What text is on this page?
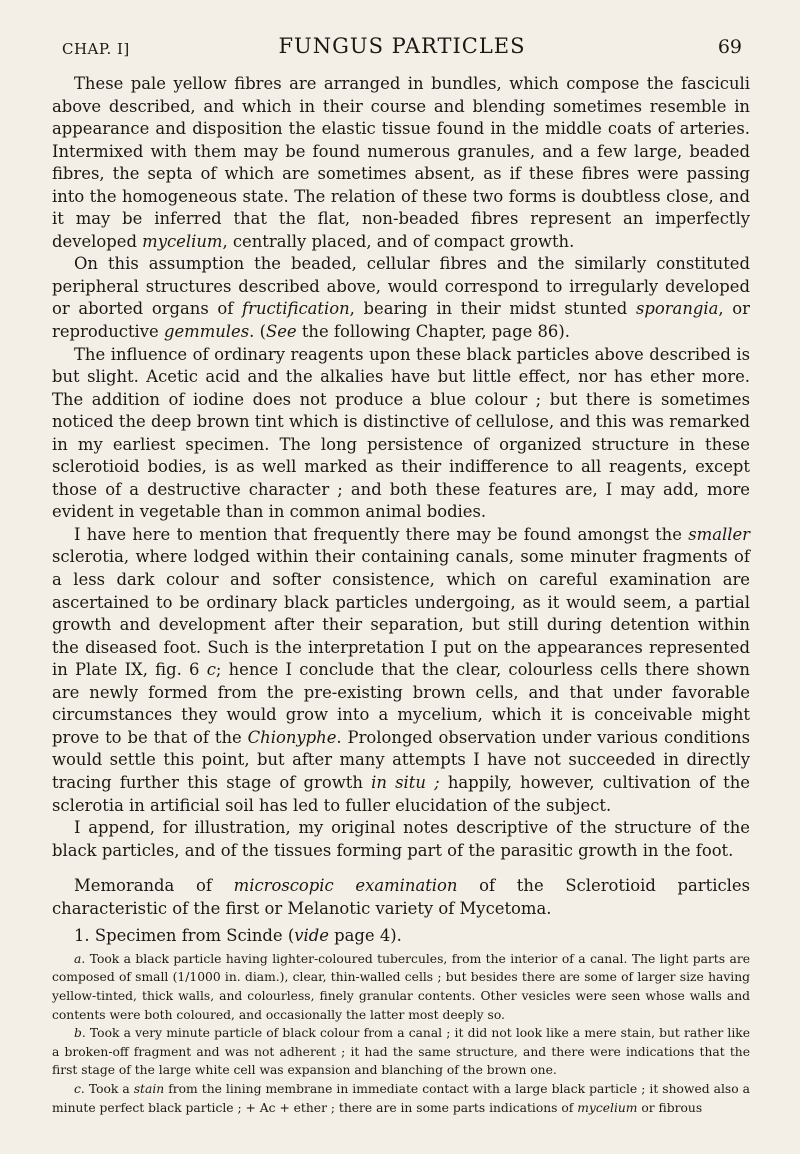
CHAP. I]	FUNGUS PARTICLES	69

These pale yellow fibres are arranged in bundles, which compose the fasciculi above described, and which in their course and blending sometimes resemble in appearance and disposition the elastic tissue found in the middle coats of arteries. Intermixed with them may be found numerous granules, and a few large, beaded fibres, the septa of which are sometimes absent, as if these fibres were passing into the homogeneous state. The relation of these two forms is doubtless close, and it may be inferred that the flat, non-beaded fibres represent an imperfectly developed mycelium, centrally placed, and of compact growth.

On this assumption the beaded, cellular fibres and the similarly constituted peripheral structures described above, would correspond to irregularly developed or aborted organs of fructification, bearing in their midst stunted sporangia, or reproductive gemmules. (See the following Chapter, page 86).

The influence of ordinary reagents upon these black particles above described is but slight. Acetic acid and the alkalies have but little effect, nor has ether more. The addition of iodine does not produce a blue colour ; but there is sometimes noticed the deep brown tint which is distinctive of cellulose, and this was remarked in my earliest specimen. The long persistence of organized structure in these sclerotioid bodies, is as well marked as their indifference to all reagents, except those of a destructive character ; and both these features are, I may add, more evident in vegetable than in common animal bodies.

I have here to mention that frequently there may be found amongst the smaller sclerotia, where lodged within their containing canals, some minuter fragments of a less dark colour and softer consistence, which on careful examination are ascertained to be ordinary black particles undergoing, as it would seem, a partial growth and development after their separation, but still during detention within the diseased foot. Such is the interpretation I put on the appearances represented in Plate IX, fig. 6 c; hence I conclude that the clear, colourless cells there shown are newly formed from the pre-existing brown cells, and that under favorable circumstances they would grow into a mycelium, which it is conceivable might prove to be that of the Chionyphe. Prolonged observation under various conditions would settle this point, but after many attempts I have not succeeded in directly tracing further this stage of growth in situ ; happily, however, cultivation of the sclerotia in artificial soil has led to fuller elucidation of the subject.

I append, for illustration, my original notes descriptive of the structure of the black particles, and of the tissues forming part of the parasitic growth in the foot.

Memoranda of microscopic examination of the Sclerotioid particles characteristic of the first or Melanotic variety of Mycetoma.

1. Specimen from Scinde (vide page 4).

a. Took a black particle having lighter-coloured tubercules, from the interior of a canal. The light parts are composed of small (1/1000 in. diam.), clear, thin-walled cells ; but besides there are some of larger size having yellow-tinted, thick walls, and colourless, finely granular contents. Other vesicles were seen whose walls and contents were both coloured, and occasionally the latter most deeply so.

b. Took a very minute particle of black colour from a canal ; it did not look like a mere stain, but rather like a broken-off fragment and was not adherent ; it had the same structure, and there were indications that the first stage of the large white cell was expansion and blanching of the brown one.

c. Took a stain from the lining membrane in immediate contact with a large black particle ; it showed also a minute perfect black particle ; + Ac + ether ; there are in some parts indications of mycelium or fibrous
